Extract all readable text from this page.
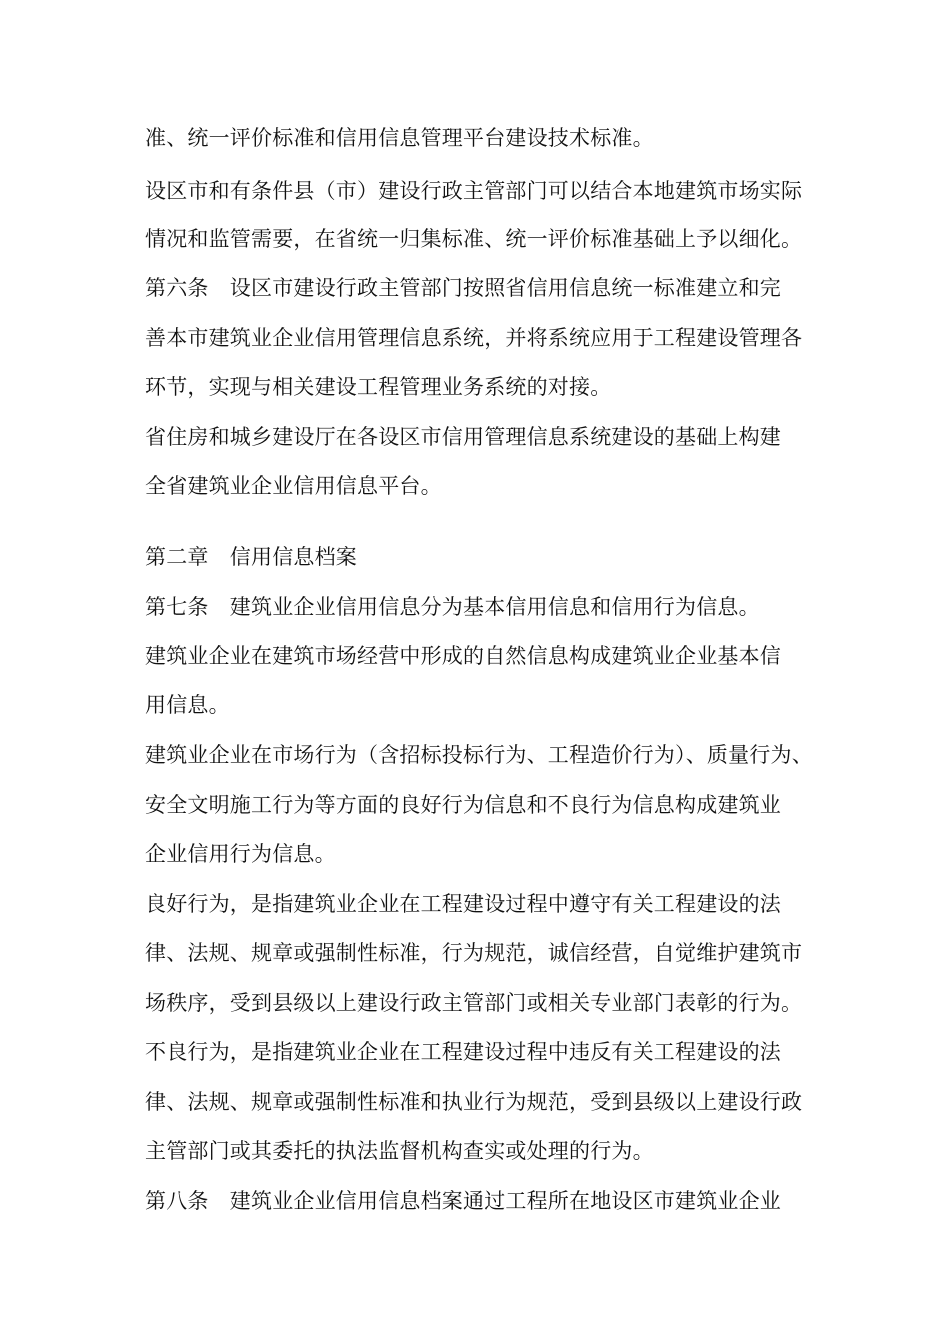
准、统一评价标准和信用信息管理平台建设技术标准。
设区市和有条件县（市）建设行政主管部门可以结合本地建筑市场实际
情况和监管需要，在省统一归集标准、统一评价标准基础上予以细化。
第六条　设区市建设行政主管部门按照省信用信息统一标准建立和完
善本市建筑业企业信用管理信息系统，并将系统应用于工程建设管理各
环节，实现与相关建设工程管理业务系统的对接。
省住房和城乡建设厅在各设区市信用管理信息系统建设的基础上构建
全省建筑业企业信用信息平台。
第二章　信用信息档案
第七条　建筑业企业信用信息分为基本信用信息和信用行为信息。
建筑业企业在建筑市场经营中形成的自然信息构成建筑业企业基本信
用信息。
建筑业企业在市场行为（含招标投标行为、工程造价行为）、质量行为、
安全文明施工行为等方面的良好行为信息和不良行为信息构成建筑业
企业信用行为信息。
良好行为，是指建筑业企业在工程建设过程中遵守有关工程建设的法
律、法规、规章或强制性标准，行为规范，诚信经营，自觉维护建筑市
场秩序，受到县级以上建设行政主管部门或相关专业部门表彰的行为。
不良行为，是指建筑业企业在工程建设过程中违反有关工程建设的法
律、法规、规章或强制性标准和执业行为规范，受到县级以上建设行政
主管部门或其委托的执法监督机构查实或处理的行为。
第八条　建筑业企业信用信息档案通过工程所在地设区市建筑业企业
